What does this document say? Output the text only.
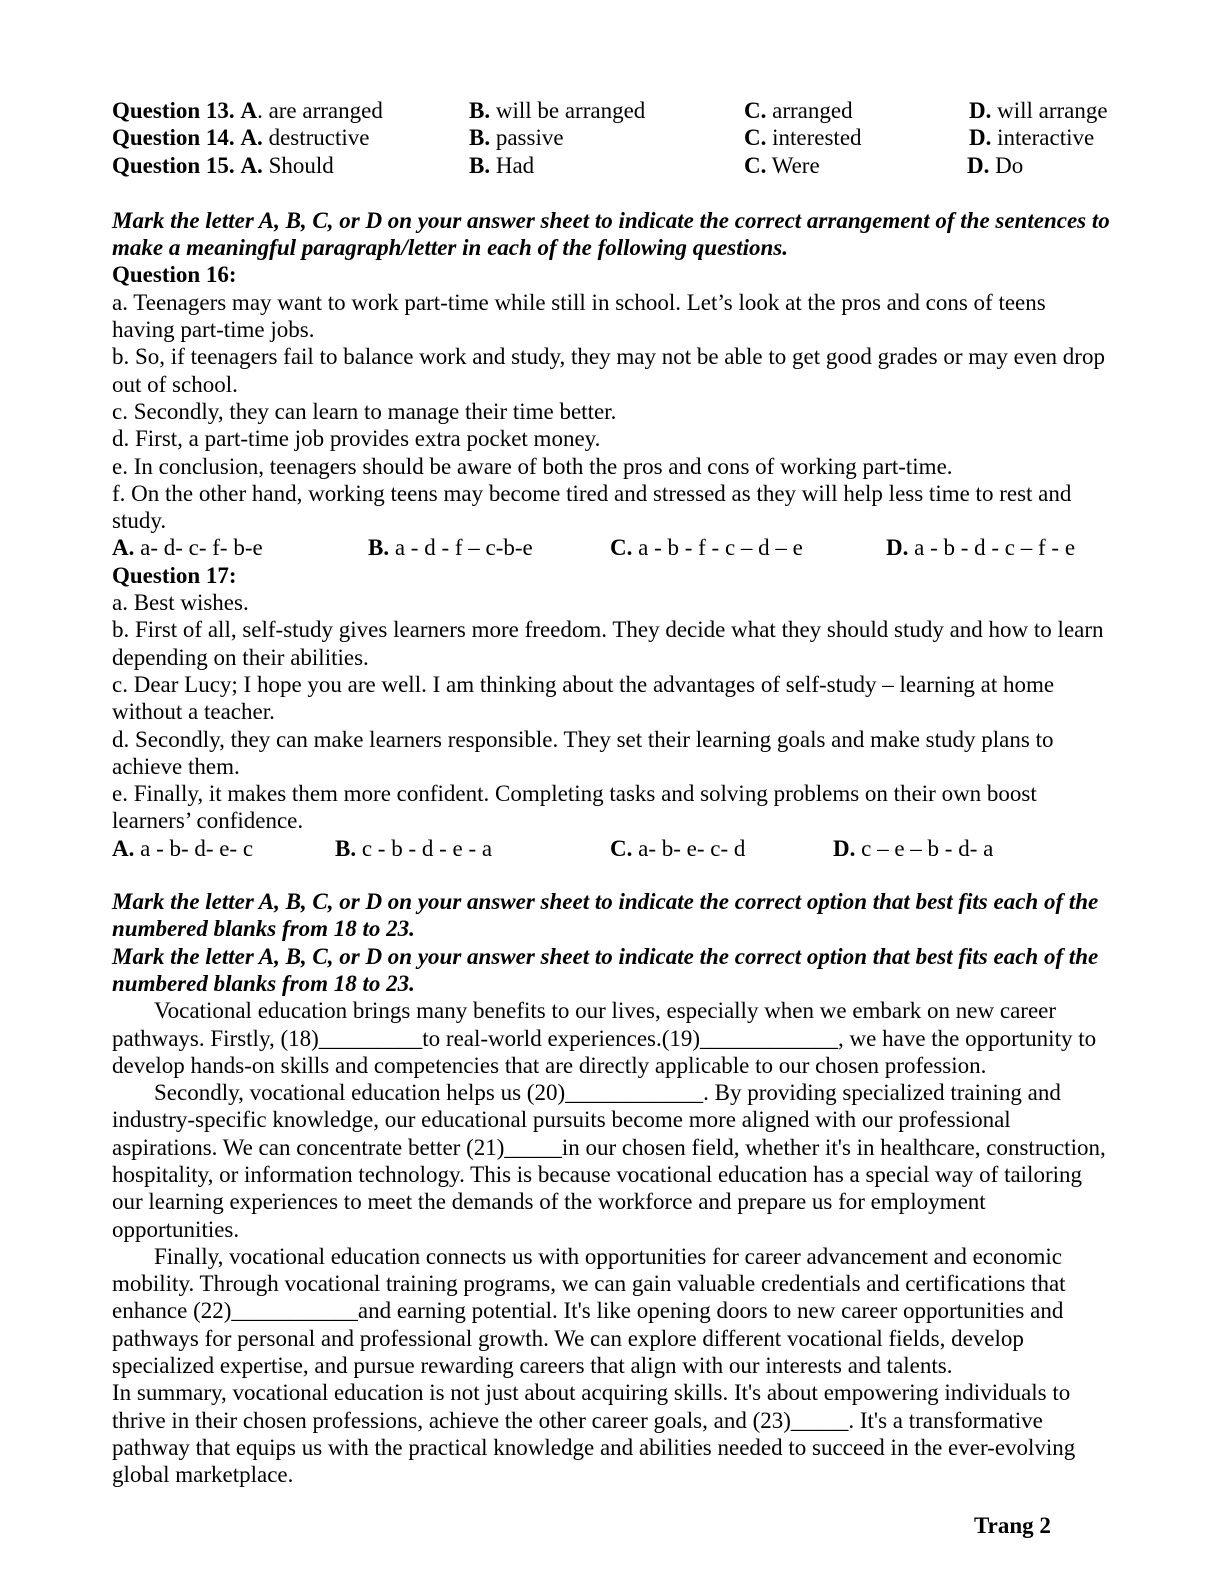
Question 13. A. are arranged	B. will be arranged	C. arranged	D. will arrange
Question 14. A. destructive	B. passive	C. interested	D. interactive
Question 15. A. Should	B. Had	C. Were	D. Do

Mark the letter A, B, C, or D on your answer sheet to indicate the correct arrangement of the sentences to make a meaningful paragraph/letter in each of the following questions.

Question 16:

a. Teenagers may want to work part-time while still in school. Let’s look at the pros and cons of teens having part-time jobs.

b. So, if teenagers fail to balance work and study, they may not be able to get good grades or may even drop out of school.

c. Secondly, they can learn to manage their time better.

d. First, a part-time job provides extra pocket money.

e. In conclusion, teenagers should be aware of both the pros and cons of working part-time.

f. On the other hand, working teens may become tired and stressed as they will help less time to rest and study.

A. a- d- c- f- b-e	B. a - d - f – c-b-e	C. a - b - f - c – d – e	D. a - b - d - c – f - e

Question 17:

a. Best wishes.

b. First of all, self-study gives learners more freedom. They decide what they should study and how to learn depending on their abilities.

c. Dear Lucy; I hope you are well. I am thinking about the advantages of self-study – learning at home without a teacher.

d. Secondly, they can make learners responsible. They set their learning goals and make study plans to achieve them.

e. Finally, it makes them more confident. Completing tasks and solving problems on their own boost learners’ confidence.

A. a - b- d- e- c	B. c - b - d - e - a	C. a- b- e- c- d	D. c – e – b - d- a

Mark the letter A, B, C, or D on your answer sheet to indicate the correct option that best fits each of the numbered blanks from 18 to 23.

Mark the letter A, B, C, or D on your answer sheet to indicate the correct option that best fits each of the numbered blanks from 18 to 23.

Vocational education brings many benefits to our lives, especially when we embark on new career pathways. Firstly, (18)_________to real-world experiences.(19)____________, we have the opportunity to develop hands-on skills and competencies that are directly applicable to our chosen profession.

Secondly, vocational education helps us (20)____________. By providing specialized training and industry-specific knowledge, our educational pursuits become more aligned with our professional aspirations. We can concentrate better (21)_____in our chosen field, whether it's in healthcare, construction, hospitality, or information technology. This is because vocational education has a special way of tailoring our learning experiences to meet the demands of the workforce and prepare us for employment opportunities.

Finally, vocational education connects us with opportunities for career advancement and economic mobility. Through vocational training programs, we can gain valuable credentials and certifications that enhance (22)___________and earning potential. It's like opening doors to new career opportunities and pathways for personal and professional growth. We can explore different vocational fields, develop specialized expertise, and pursue rewarding careers that align with our interests and talents.

In summary, vocational education is not just about acquiring skills. It's about empowering individuals to thrive in their chosen professions, achieve the other career goals, and (23)_____. It's a transformative pathway that equips us with the practical knowledge and abilities needed to succeed in the ever-evolving global marketplace.

Trang 2
